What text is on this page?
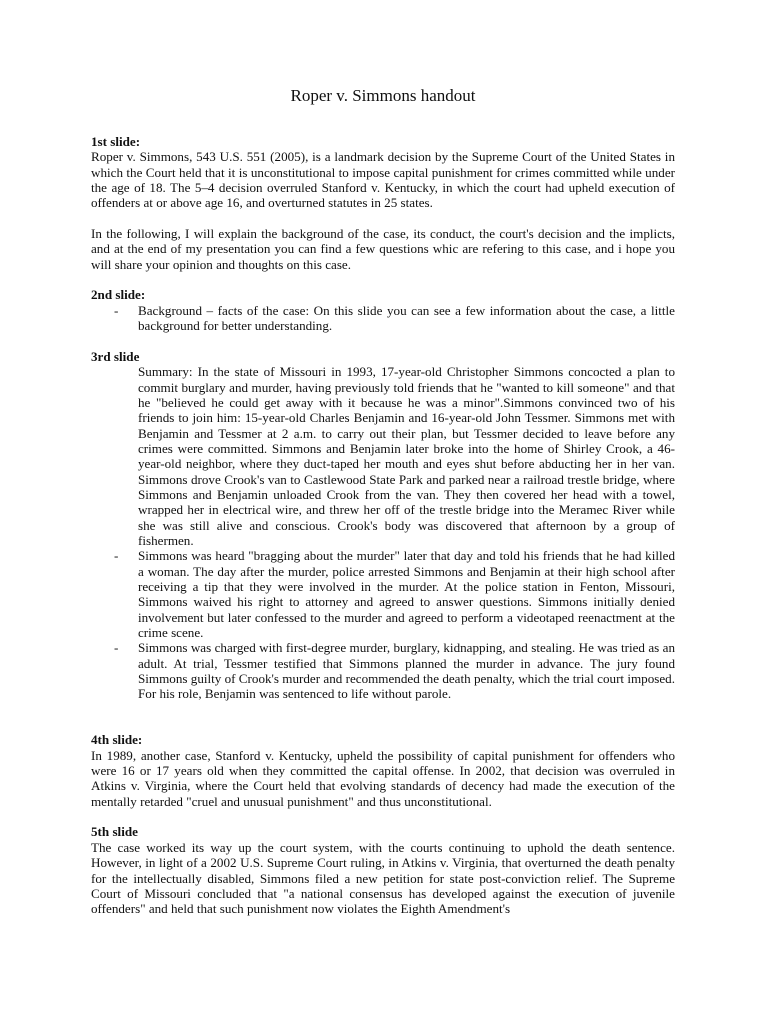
Roper v. Simmons handout
1st slide:

Roper v. Simmons, 543 U.S. 551 (2005), is a landmark decision by the Supreme Court of the United States in which the Court held that it is unconstitutional to impose capital punishment for crimes committed while under the age of 18. The 5–4 decision overruled Stanford v. Kentucky, in which the court had upheld execution of offenders at or above age 16, and overturned statutes in 25 states.

In the following, I will explain the background of the case, its conduct, the court's decision and the implicts, and at the end of my presentation you can find a few questions whic are refering to this case, and i hope you will share your opinion and thoughts on this case.

2nd slide:
- Background – facts of the case: On this slide you can see a few information about the case, a little background for better understanding.
3rd slide
Summary: In the state of Missouri in 1993, 17-year-old Christopher Simmons concocted a plan to commit burglary and murder, having previously told friends that he "wanted to kill someone" and that he "believed he could get away with it because he was a minor".Simmons convinced two of his friends to join him: 15-year-old Charles Benjamin and 16-year-old John Tessmer. Simmons met with Benjamin and Tessmer at 2 a.m. to carry out their plan, but Tessmer decided to leave before any crimes were committed. Simmons and Benjamin later broke into the home of Shirley Crook, a 46-year-old neighbor, where they duct-taped her mouth and eyes shut before abducting her in her van. Simmons drove Crook's van to Castlewood State Park and parked near a railroad trestle bridge, where Simmons and Benjamin unloaded Crook from the van. They then covered her head with a towel, wrapped her in electrical wire, and threw her off of the trestle bridge into the Meramec River while she was still alive and conscious. Crook's body was discovered that afternoon by a group of fishermen.
- Simmons was heard "bragging about the murder" later that day and told his friends that he had killed a woman. The day after the murder, police arrested Simmons and Benjamin at their high school after receiving a tip that they were involved in the murder. At the police station in Fenton, Missouri, Simmons waived his right to attorney and agreed to answer questions. Simmons initially denied involvement but later confessed to the murder and agreed to perform a videotaped reenactment at the crime scene.
- Simmons was charged with first-degree murder, burglary, kidnapping, and stealing. He was tried as an adult. At trial, Tessmer testified that Simmons planned the murder in advance. The jury found Simmons guilty of Crook's murder and recommended the death penalty, which the trial court imposed. For his role, Benjamin was sentenced to life without parole.
4th slide:

In 1989, another case, Stanford v. Kentucky, upheld the possibility of capital punishment for offenders who were 16 or 17 years old when they committed the capital offense. In 2002, that decision was overruled in Atkins v. Virginia, where the Court held that evolving standards of decency had made the execution of the mentally retarded "cruel and unusual punishment" and thus unconstitutional.

5th slide

The case worked its way up the court system, with the courts continuing to uphold the death sentence. However, in light of a 2002 U.S. Supreme Court ruling, in Atkins v. Virginia, that overturned the death penalty for the intellectually disabled, Simmons filed a new petition for state post-conviction relief. The Supreme Court of Missouri concluded that "a national consensus has developed against the execution of juvenile offenders" and held that such punishment now violates the Eighth Amendment's
